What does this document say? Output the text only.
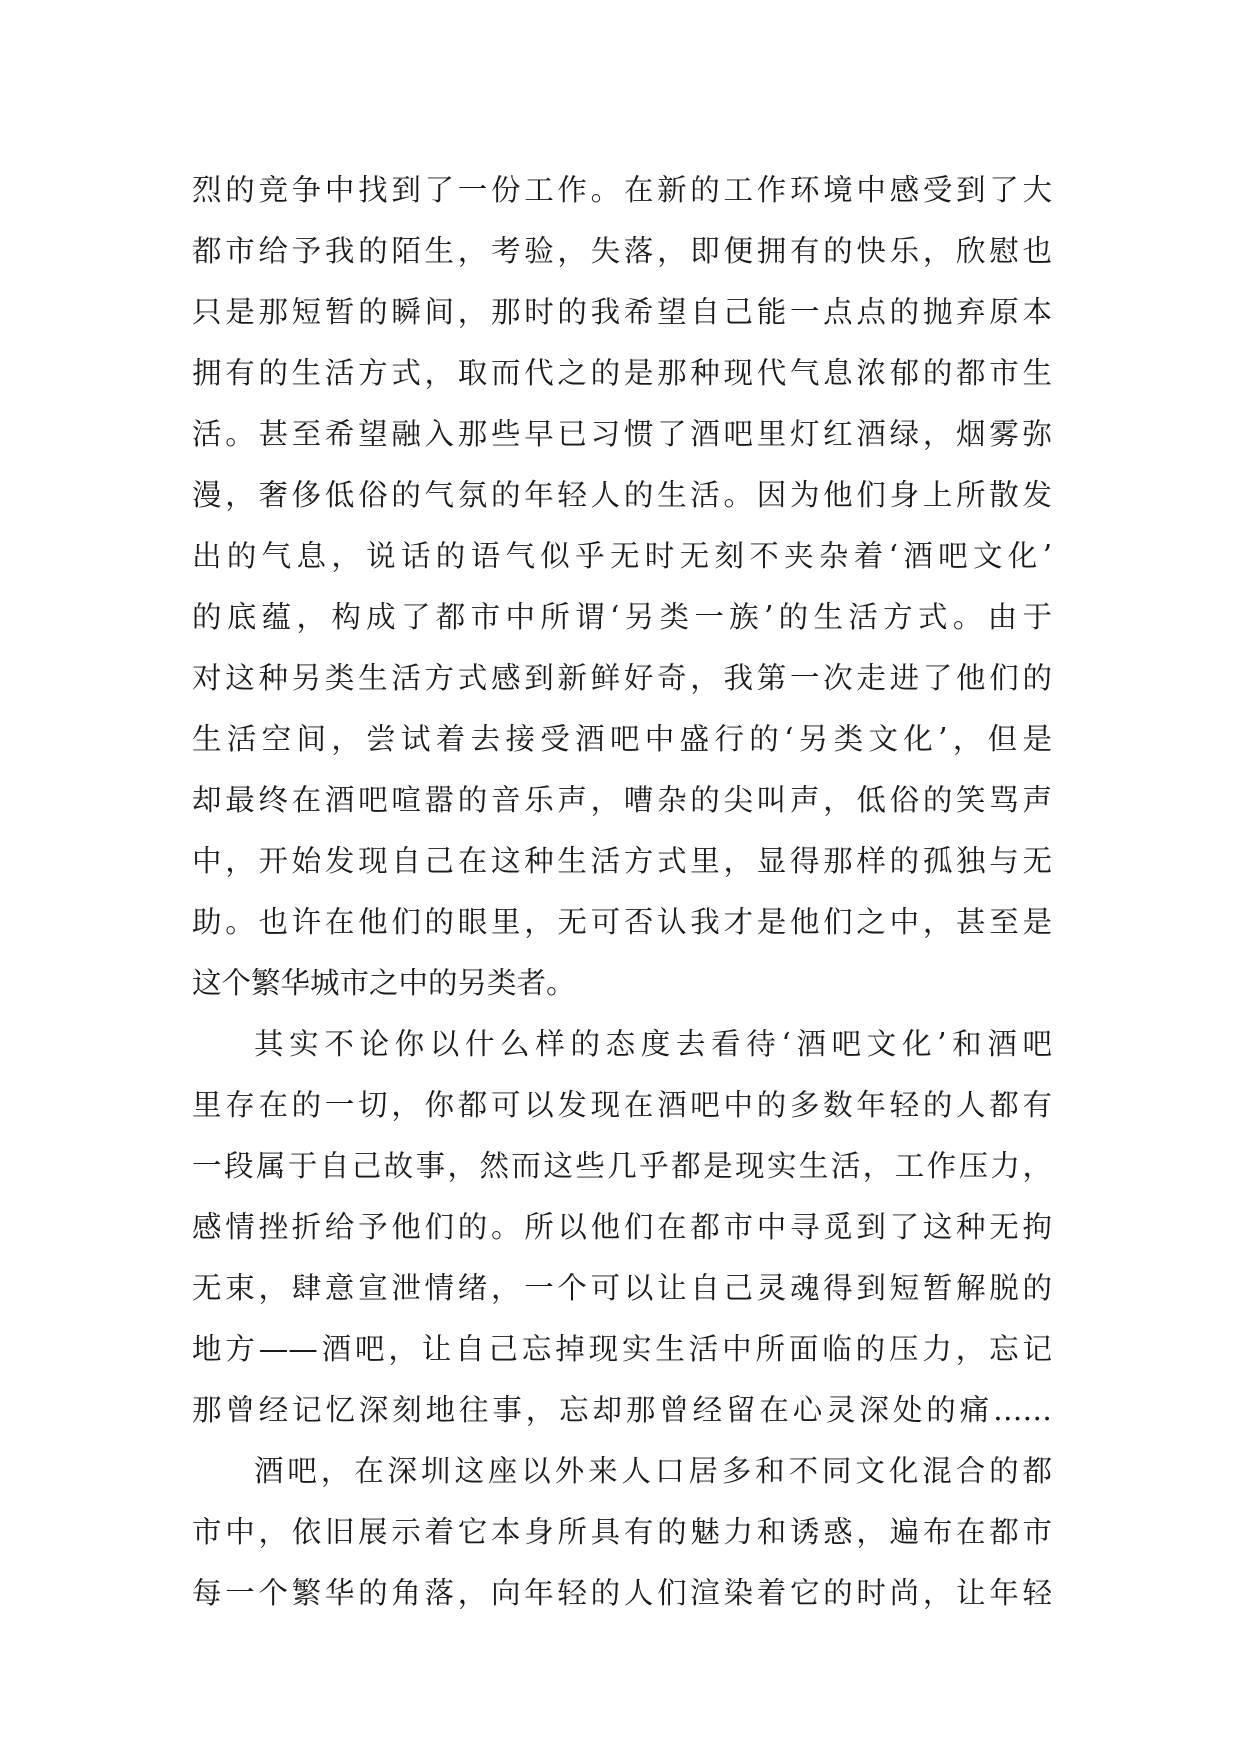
烈的竞争中找到了一份工作。在新的工作环境中感受到了大
都市给予我的陌生，考验，失落，即便拥有的快乐，欣慰也
只是那短暂的瞬间，那时的我希望自己能一点点的抛弃原本
拥有的生活方式，取而代之的是那种现代气息浓郁的都市生
活。甚至希望融入那些早已习惯了酒吧里灯红酒绿，烟雾弥
漫，奢侈低俗的气氛的年轻人的生活。因为他们身上所散发
出的气息，说话的语气似乎无时无刻不夹杂着‘酒吧文化’
的底蕴，构成了都市中所谓‘另类一族’的生活方式。由于
对这种另类生活方式感到新鲜好奇，我第一次走进了他们的
生活空间，尝试着去接受酒吧中盛行的‘另类文化’，但是
却最终在酒吧喧嚣的音乐声，嘈杂的尖叫声，低俗的笑骂声
中，开始发现自己在这种生活方式里，显得那样的孤独与无
助。也许在他们的眼里，无可否认我才是他们之中，甚至是
这个繁华城市之中的另类者。
其实不论你以什么样的态度去看待‘酒吧文化’和酒吧
里存在的一切，你都可以发现在酒吧中的多数年轻的人都有
一段属于自己故事，然而这些几乎都是现实生活，工作压力，
感情挫折给予他们的。所以他们在都市中寻觅到了这种无拘
无束，肆意宣泄情绪，一个可以让自己灵魂得到短暂解脱的
地方——酒吧，让自己忘掉现实生活中所面临的压力，忘记
那曾经记忆深刻地往事，忘却那曾经留在心灵深处的痛……
酒吧，在深圳这座以外来人口居多和不同文化混合的都
市中，依旧展示着它本身所具有的魅力和诱惑，遍布在都市
每一个繁华的角落，向年轻的人们渲染着它的时尚，让年轻
